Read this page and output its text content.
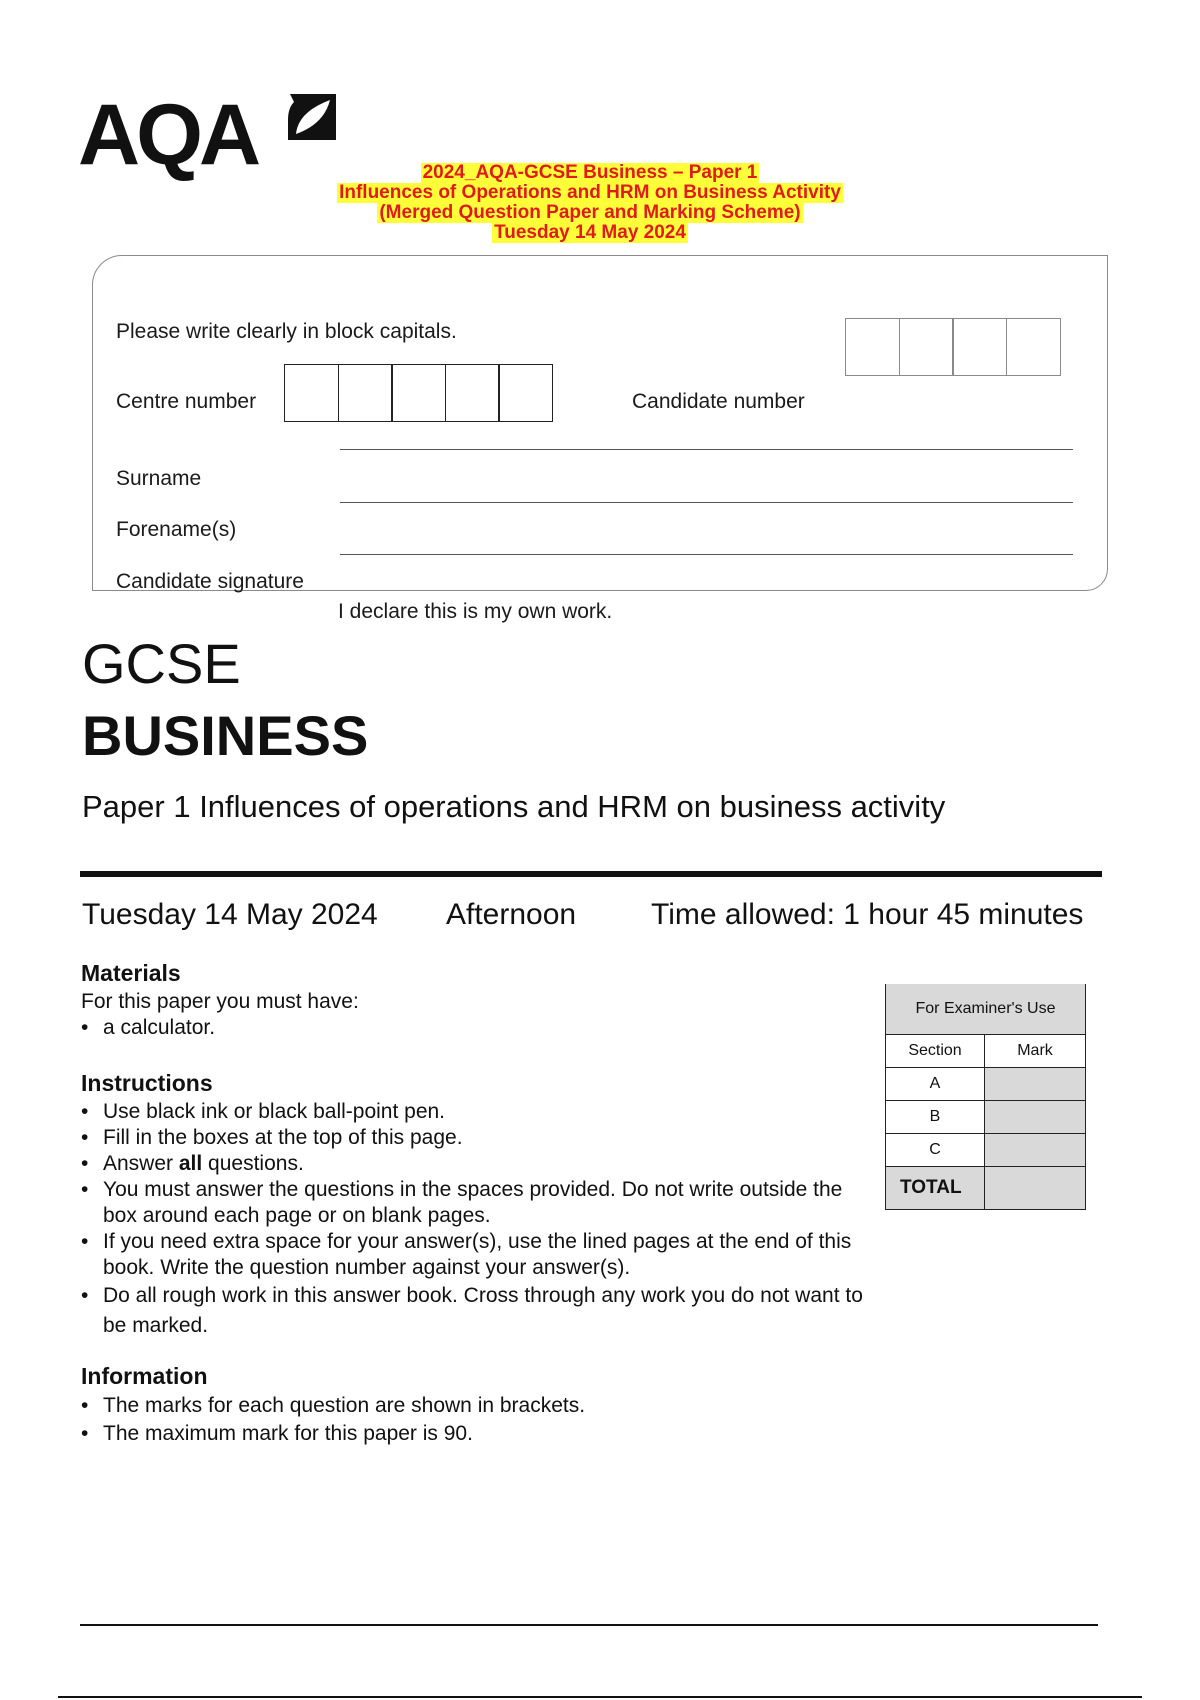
AQA	2024_AQA-GCSE Business – Paper 1
Influences of Operations and HRM on Business Activity
(Merged Question Paper and Marking Scheme)
Tuesday 14 May 2024
Please write clearly in block capitals.
Centre number	Candidate number
Surname
Forename(s)
Candidate signature
I declare this is my own work.
GCSE
BUSINESS
Paper 1 Influences of operations and HRM on business activity
Tuesday 14 May 2024 Afternoon Time allowed: 1 hour 45 minutes
Materials
For this paper you must have:
• a calculator.
Instructions
• Use black ink or black ball-point pen.
• Fill in the boxes at the top of this page.
• Answer all questions.
• You must answer the questions in the spaces provided. Do not write outside the box around each page or on blank pages.
• If you need extra space for your answer(s), use the lined pages at the end of this book. Write the question number against your answer(s).
• Do all rough work in this answer book. Cross through any work you do not want to be marked.
Information
• The marks for each question are shown in brackets.
• The maximum mark for this paper is 90.
For Examiner's Use	
Section	Mark
A	
B	
C	
TOTAL	
